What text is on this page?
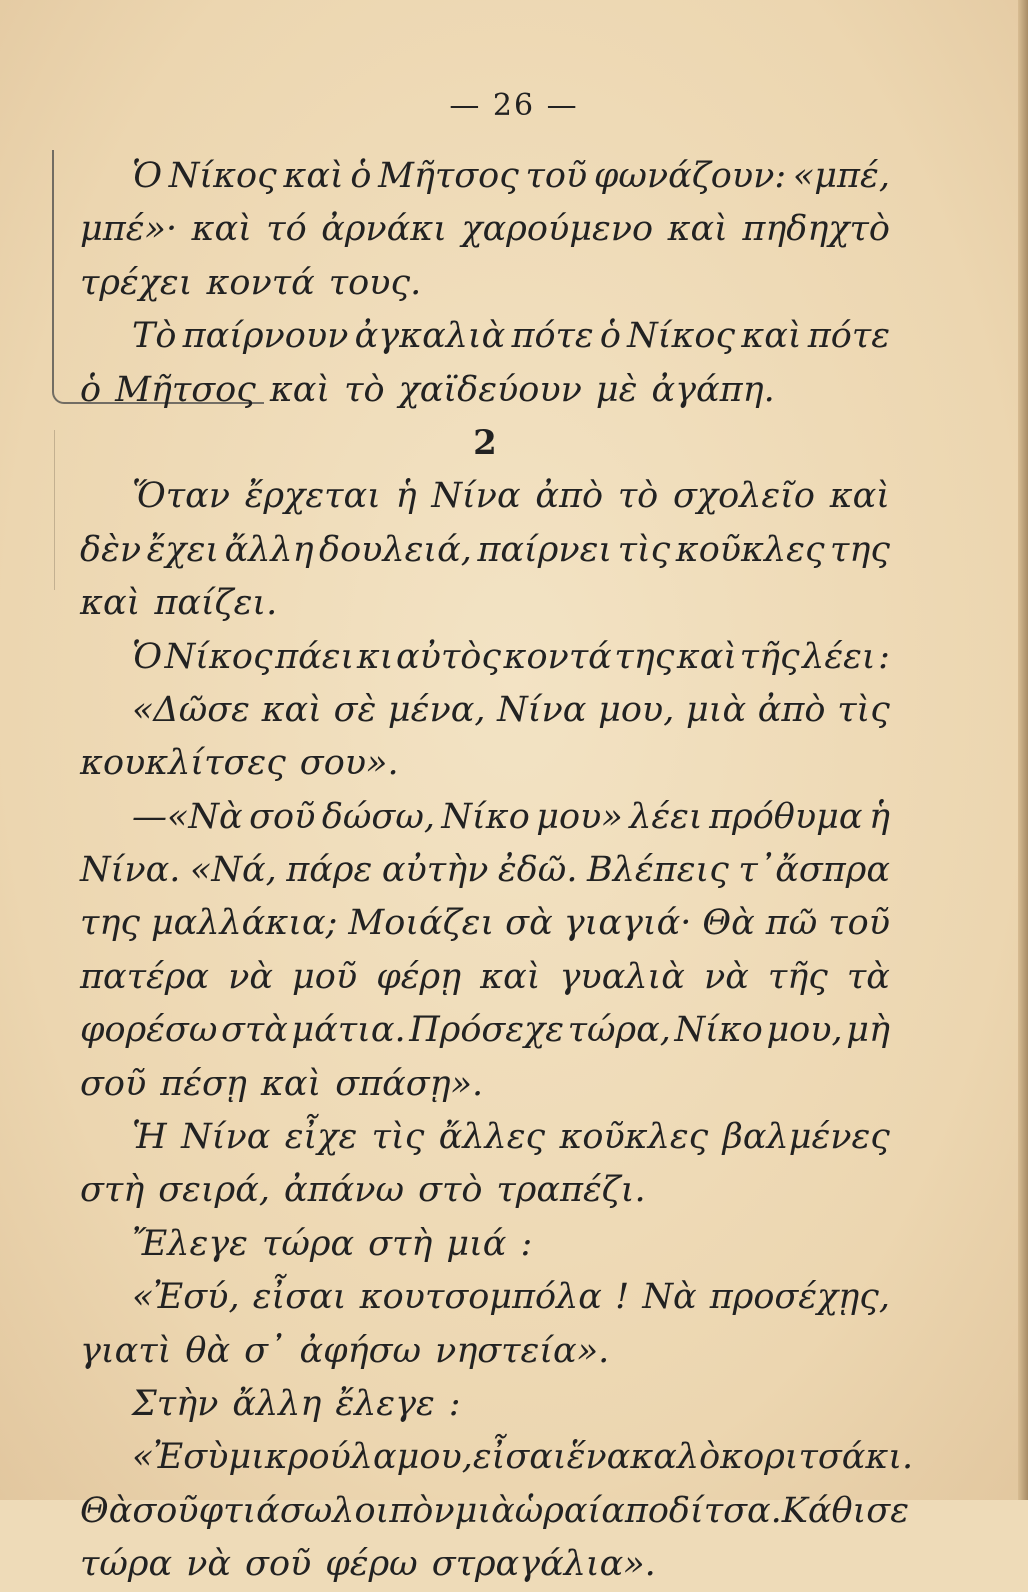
— 26 —
Ὁ Νίκος καὶ ὁ Μῆτσος τοῦ φωνάζουν: «μπέ,
μπέ»· καὶ τό ἀρνάκι χαρούμενο καὶ πηδηχτὸ
τρέχει κοντά τους.
Τὸ παίρνουν ἀγκαλιὰ πότε ὁ Νίκος καὶ πότε
ὁ Μῆτσος καὶ τὸ χαϊδεύουν μὲ ἀγάπη.
2
Ὅταν ἔρχεται ἡ Νίνα ἀπὸ τὸ σχολεῖο καὶ
δὲν ἔχει ἄλλη δουλειά, παίρνει τὶς κοῦκλες της
καὶ παίζει.
Ὁ Νίκος πάει κι αὐτὸς κοντά της καὶ τῆς λέει :
«Δῶσε καὶ σὲ μένα, Νίνα μου, μιὰ ἀπὸ τὶς
κουκλίτσες σου».
—«Νὰ σοῦ δώσω, Νίκο μου» λέει πρόθυμα ἡ
Νίνα. «Νά, πάρε αὐτὴν ἐδῶ. Βλέπεις τ᾽ἄσπρα
της μαλλάκια; Μοιάζει σὰ γιαγιά· Θὰ πῶ τοῦ
πατέρα νὰ μοῦ φέρῃ καὶ γυαλιὰ νὰ τῆς τὰ
φορέσω στὰ μάτια. Πρόσεχε τώρα, Νίκο μου, μὴ
σοῦ πέσῃ καὶ σπάσῃ».
Ἡ Νίνα εἶχε τὶς ἄλλες κοῦκλες βαλμένες
στὴ σειρά, ἀπάνω στὸ τραπέζι.
Ἔλεγε τώρα στὴ μιά :
«Ἐσύ, εἶσαι κουτσομπόλα ! Νὰ προσέχῃς,
γιατὶ θὰ σ᾽ ἀφήσω νηστεία».
Στὴν ἄλλη ἔλεγε :
«Ἐσὺ μικρούλα μου, εἶσαι ἕνα καλὸ κοριτσάκι.
Θὰ σοῦ φτιάσω λοιπὸν μιὰ ὡραία ποδίτσα. Κάθισε
τώρα νὰ σοῦ φέρω στραγάλια».
